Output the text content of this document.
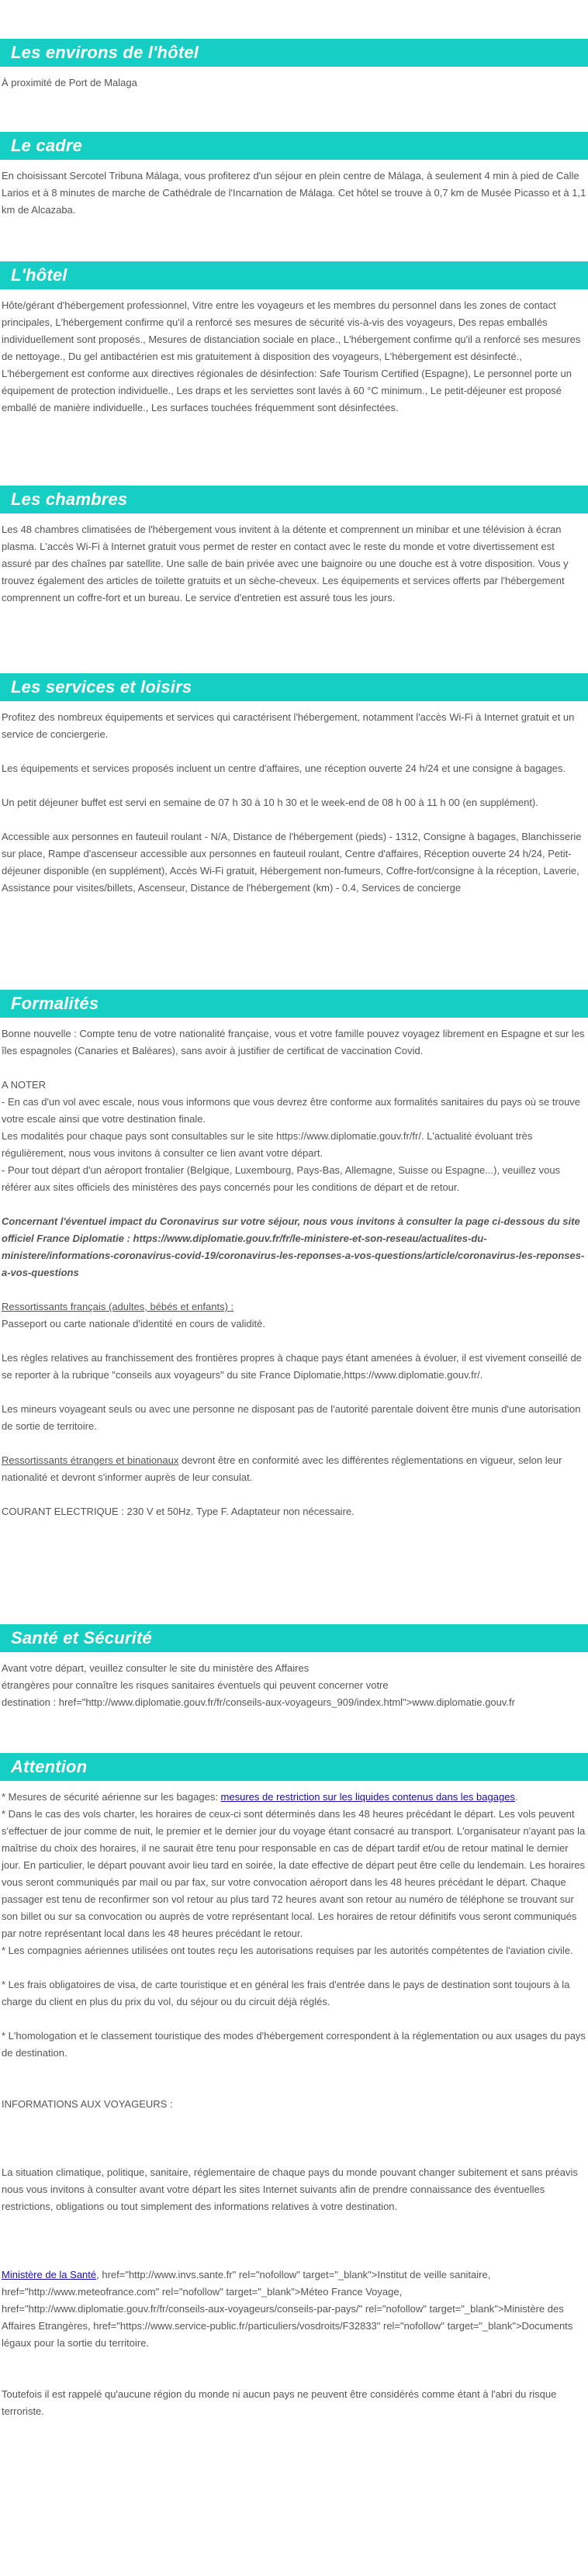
Les environs de l'hôtel

À proximité de Port de Malaga

Le cadre

En choisissant Sercotel Tribuna Málaga, vous profiterez d'un séjour en plein centre de Málaga, à seulement 4 min à pied de Calle Larios et à 8 minutes de marche de Cathédrale de l'Incarnation de Málaga. Cet hôtel se trouve à 0,7 km de Musée Picasso et à 1,1 km de Alcazaba.

L'hôtel

Hôte/gérant d'hébergement professionnel, Vitre entre les voyageurs et les membres du personnel dans les zones de contact principales, L'hébergement confirme qu'il a renforcé ses mesures de sécurité vis-à-vis des voyageurs, Des repas emballés individuellement sont proposés., Mesures de distanciation sociale en place., L'hébergement confirme qu'il a renforcé ses mesures de nettoyage., Du gel antibactérien est mis gratuitement à disposition des voyageurs, L'hébergement est désinfecté., L'hébergement est conforme aux directives régionales de désinfection: Safe Tourism Certified (Espagne), Le personnel porte un équipement de protection individuelle., Les draps et les serviettes sont lavés à 60 °C minimum., Le petit-déjeuner est proposé emballé de manière individuelle., Les surfaces touchées fréquemment sont désinfectées.

Les chambres

Les 48 chambres climatisées de l'hébergement vous invitent à la détente et comprennent un minibar et une télévision à écran plasma. L'accès Wi-Fi à Internet gratuit vous permet de rester en contact avec le reste du monde et votre divertissement est assuré par des chaînes par satellite. Une salle de bain privée avec une baignoire ou une douche est à votre disposition. Vous y trouvez également des articles de toilette gratuits et un sèche-cheveux. Les équipements et services offerts par l'hébergement comprennent un coffre-fort et un bureau. Le service d'entretien est assuré tous les jours.

Les services et loisirs

Profitez des nombreux équipements et services qui caractérisent l'hébergement, notamment l'accès Wi-Fi à Internet gratuit et un service de conciergerie.

Les équipements et services proposés incluent un centre d'affaires, une réception ouverte 24 h/24 et une consigne à bagages.

Un petit déjeuner buffet est servi en semaine de 07 h 30 à 10 h 30 et le week-end de 08 h 00 à 11 h 00 (en supplément).

Accessible aux personnes en fauteuil roulant - N/A, Distance de l'hébergement (pieds) - 1312, Consigne à bagages, Blanchisserie sur place, Rampe d'ascenseur accessible aux personnes en fauteuil roulant, Centre d'affaires, Réception ouverte 24 h/24, Petit-déjeuner disponible (en supplément), Accès Wi-Fi gratuit, Hébergement non-fumeurs, Coffre-fort/consigne à la réception, Laverie, Assistance pour visites/billets, Ascenseur, Distance de l'hébergement (km) - 0.4, Services de concierge

Formalités

Bonne nouvelle : Compte tenu de votre nationalité française, vous et votre famille pouvez voyagez librement en Espagne et sur les îles espagnoles (Canaries et Baléares), sans avoir à justifier de certificat de vaccination Covid.

A NOTER

- En cas d'un vol avec escale, nous vous informons que vous devrez être conforme aux formalités sanitaires du pays où se trouve votre escale ainsi que votre destination finale.

Les modalités pour chaque pays sont consultables sur le site https://www.diplomatie.gouv.fr/fr/. L'actualité évoluant très régulièrement, nous vous invitons à consulter ce lien avant votre départ.

- Pour tout départ d'un aéroport frontalier (Belgique, Luxembourg, Pays-Bas, Allemagne, Suisse ou Espagne...), veuillez vous référer aux sites officiels des ministères des pays concernés pour les conditions de départ et de retour.

Concernant l'éventuel impact du Coronavirus sur votre séjour, nous vous invitons à consulter la page ci-dessous du site officiel France Diplomatie : https://www.diplomatie.gouv.fr/fr/le-ministere-et-son-reseau/actualites-du-ministere/informations-coronavirus-covid-19/coronavirus-les-reponses-a-vos-questions/article/coronavirus-les-reponses-a-vos-questions

Ressortissants français (adultes, bébés et enfants) :

Passeport ou carte nationale d'identité en cours de validité.

Les règles relatives au franchissement des frontières propres à chaque pays étant amenées à évoluer, il est vivement conseillé de se reporter à la rubrique "conseils aux voyageurs" du site France Diplomatie,https://www.diplomatie.gouv.fr/.

Les mineurs voyageant seuls ou avec une personne ne disposant pas de l'autorité parentale doivent être munis d'une autorisation de sortie de territoire.

Ressortissants étrangers et binationaux devront être en conformité avec les différentes réglementations en vigueur, selon leur nationalité et devront s'informer auprès de leur consulat.

COURANT ELECTRIQUE : 230 V et 50Hz. Type F. Adaptateur non nécessaire.

Santé et Sécurité

Avant votre départ, veuillez consulter le site du ministère des Affaires

étrangères pour connaître les risques sanitaires éventuels qui peuvent concerner votre

destination : href="http://www.diplomatie.gouv.fr/fr/conseils-aux-voyageurs_909/index.html">www.diplomatie.gouv.fr

Attention

* Mesures de sécurité aérienne sur les bagages: mesures de restriction sur les liquides contenus dans les bagages.

* Dans le cas des vols charter, les horaires de ceux-ci sont déterminés dans les 48 heures précédant le départ. Les vols peuvent s'effectuer de jour comme de nuit, le premier et le dernier jour du voyage étant consacré au transport. L'organisateur n'ayant pas la maîtrise du choix des horaires, il ne saurait être tenu pour responsable en cas de départ tardif et/ou de retour matinal le dernier jour. En particulier, le départ pouvant avoir lieu tard en soirée, la date effective de départ peut être celle du lendemain. Les horaires vous seront communiqués par mail ou par fax, sur votre convocation aéroport dans les 48 heures précédant le départ. Chaque passager est tenu de reconfirmer son vol retour au plus tard 72 heures avant son retour au numéro de téléphone se trouvant sur son billet ou sur sa convocation ou auprès de votre représentant local. Les horaires de retour définitifs vous seront communiqués par notre représentant local dans les 48 heures précédant le retour.

* Les compagnies aériennes utilisées ont toutes reçu les autorisations requises par les autorités compétentes de l'aviation civile.

* Les frais obligatoires de visa, de carte touristique et en général les frais d'entrée dans le pays de destination sont toujours à la charge du client en plus du prix du vol, du séjour ou du circuit déjà réglés.

* L'homologation et le classement touristique des modes d'hébergement correspondent à la réglementation ou aux usages du pays de destination.

INFORMATIONS AUX VOYAGEURS :

La situation climatique, politique, sanitaire, réglementaire de chaque pays du monde pouvant changer subitement et sans préavis

nous vous invitons à consulter avant votre départ les sites Internet suivants afin de prendre connaissance des éventuelles restrictions, obligations ou tout simplement des informations relatives à votre destination.

Ministère de la Santé, href="http://www.invs.sante.fr" rel="nofollow" target="_blank">Institut de veille sanitaire, href="http://www.meteofrance.com" rel="nofollow" target="_blank">Méteo France Voyage, href="http://www.diplomatie.gouv.fr/fr/conseils-aux-voyageurs/conseils-par-pays/" rel="nofollow" target="_blank">Ministère des Affaires Etrangères, href="https://www.service-public.fr/particuliers/vosdroits/F32833" rel="nofollow" target="_blank">Documents légaux pour la sortie du territoire.

Toutefois il est rappelé qu'aucune région du monde ni aucun pays ne peuvent être considérés comme étant à l'abri du risque terroriste.
